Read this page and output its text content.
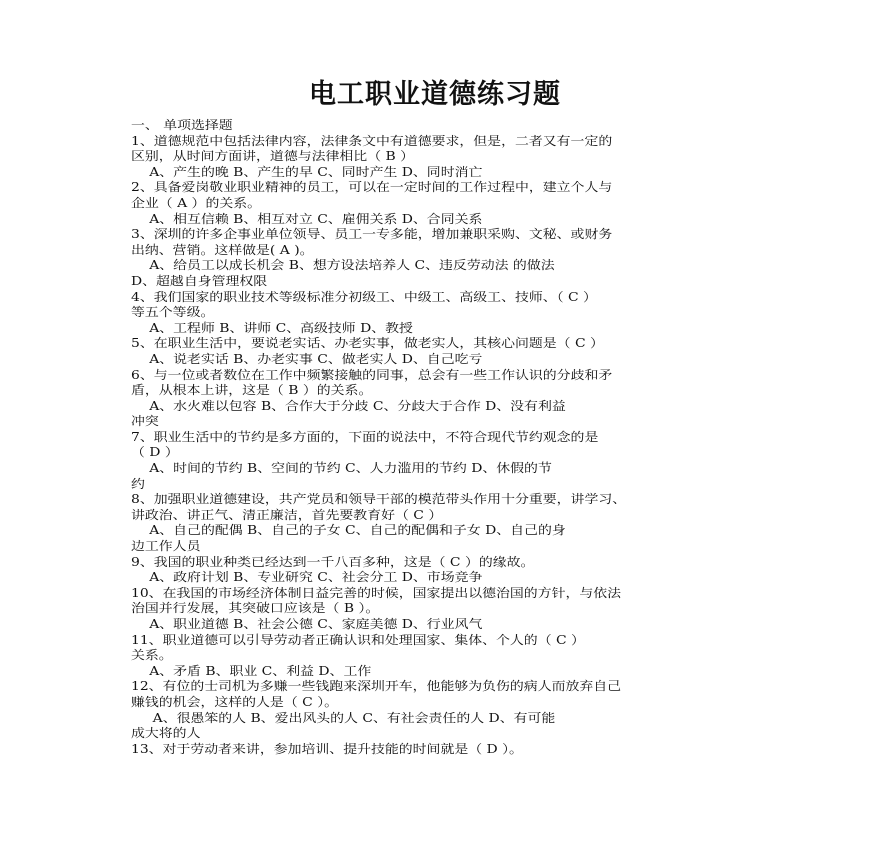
电工职业道德练习题
一、 单项选择题
1、道德规范中包括法律内容，法律条文中有道德要求，但是，二者又有一定的
区别，从时间方面讲，道德与法律相比（ B ）
A、产生的晚 B、产生的早 C、同时产生 D、同时消亡
2、具备爱岗敬业职业精神的员工，可以在一定时间的工作过程中，建立个人与
企业（ A ）的关系。
A、相互信赖 B、相互对立 C、雇佣关系 D、合同关系
3、深圳的许多企事业单位领导、员工一专多能，增加兼职采购、文秘、或财务
出纳、营销。这样做是( A )。
A、给员工以成长机会 B、想方设法培养人 C、违反劳动法 的做法
D、超越自身管理权限
4、我们国家的职业技术等级标准分初级工、中级工、高级工、技师、（ C ）
等五个等级。
A、工程师 B、讲师 C、高级技师 D、教授
5、在职业生活中，要说老实话、办老实事，做老实人，其核心问题是（ C ）
A、说老实话 B、办老实事 C、做老实人 D、自己吃亏
6、与一位或者数位在工作中频繁接触的同事，总会有一些工作认识的分歧和矛
盾，从根本上讲，这是（ B ）的关系。
A、水火难以包容 B、合作大于分歧 C、分歧大于合作 D、没有利益
冲突
7、职业生活中的节约是多方面的，下面的说法中，不符合现代节约观念的是
（ D ）
A、时间的节约 B、空间的节约 C、人力滥用的节约 D、休假的节
约
8、加强职业道德建设，共产党员和领导干部的模范带头作用十分重要，讲学习、
讲政治、讲正气、清正廉洁，首先要教育好（ C ）
A、自己的配偶 B、自己的子女 C、自己的配偶和子女 D、自己的身
边工作人员
9、我国的职业种类已经达到一千八百多种，这是（ C ）的缘故。
A、政府计划 B、专业研究 C、社会分工 D、市场竞争
10、在我国的市场经济体制日益完善的时候，国家提出以德治国的方针，与依法
治国并行发展，其突破口应该是（ B ）。
A、职业道德 B、社会公德 C、家庭美德 D、行业风气
11、职业道德可以引导劳动者正确认识和处理国家、集体、个人的（ C ）
关系。
A、矛盾 B、职业 C、利益 D、工作
12、有位的士司机为多赚一些钱跑来深圳开车，他能够为负伤的病人而放弃自己
赚钱的机会，这样的人是（ C ）。
A、很愚笨的人 B、爱出风头的人 C、有社会责任的人 D、有可能
成大将的人
13、对于劳动者来讲，参加培训、提升技能的时间就是（ D ）。
